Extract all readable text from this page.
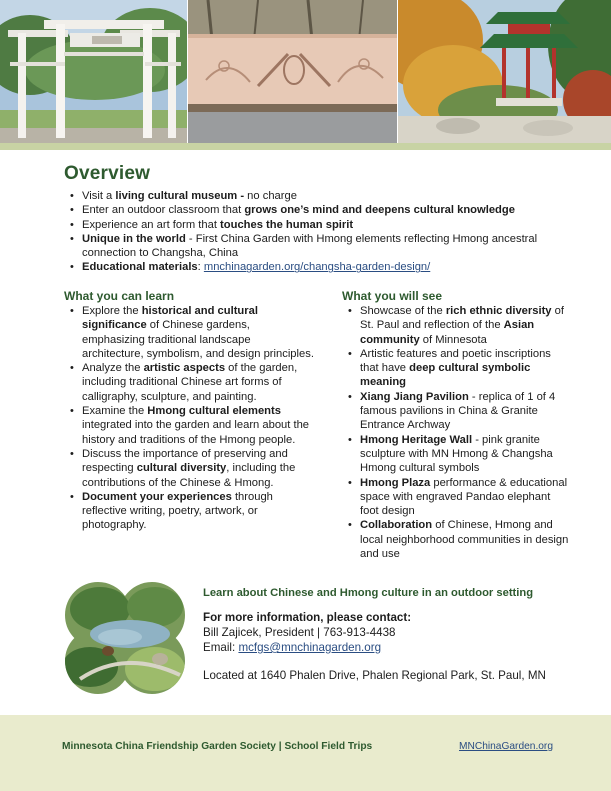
Overview
• Visit a living cultural museum - no charge
• Enter an outdoor classroom that grows one’s mind and deepens cultural knowledge
• Experience an art form that touches the human spirit
• Unique in the world - First China Garden with Hmong elements reflecting Hmong ancestral connection to Changsha, China
• Educational materials: mnchinagarden.org/changsha-garden-design/
What you can learn
• Explore the historical and cultural significance of Chinese gardens, emphasizing traditional landscape architecture, symbolism, and design principles.
• Analyze the artistic aspects of the garden, including traditional Chinese art forms of calligraphy, sculpture, and painting.
• Examine the Hmong cultural elements integrated into the garden and learn about the history and traditions of the Hmong people.
• Discuss the importance of preserving and respecting cultural diversity, including the contributions of the Chinese & Hmong.
• Document your experiences through reflective writing, poetry, artwork, or photography.
What you will see
• Showcase of the rich ethnic diversity of St. Paul and reflection of the Asian community of Minnesota
• Artistic features and poetic inscriptions that have deep cultural symbolic meaning
• Xiang Jiang Pavilion - replica of 1 of 4 famous pavilions in China & Granite Entrance Archway
• Hmong Heritage Wall - pink granite sculpture with MN Hmong & Changsha Hmong cultural symbols
• Hmong Plaza performance & educational space with engraved Pandao elephant foot design
• Collaboration of Chinese, Hmong and local neighborhood communities in design and use
Learn about Chinese and Hmong culture in an outdoor setting
For more information, please contact:

Bill Zajicek, President | 763-913-4438

Email: mcfgs@mnchinagarden.org

Located at 1640 Phalen Drive, Phalen Regional Park, St. Paul, MN

Minnesota China Friendship Garden Society | School Field Trips	MNChinaGarden.org
